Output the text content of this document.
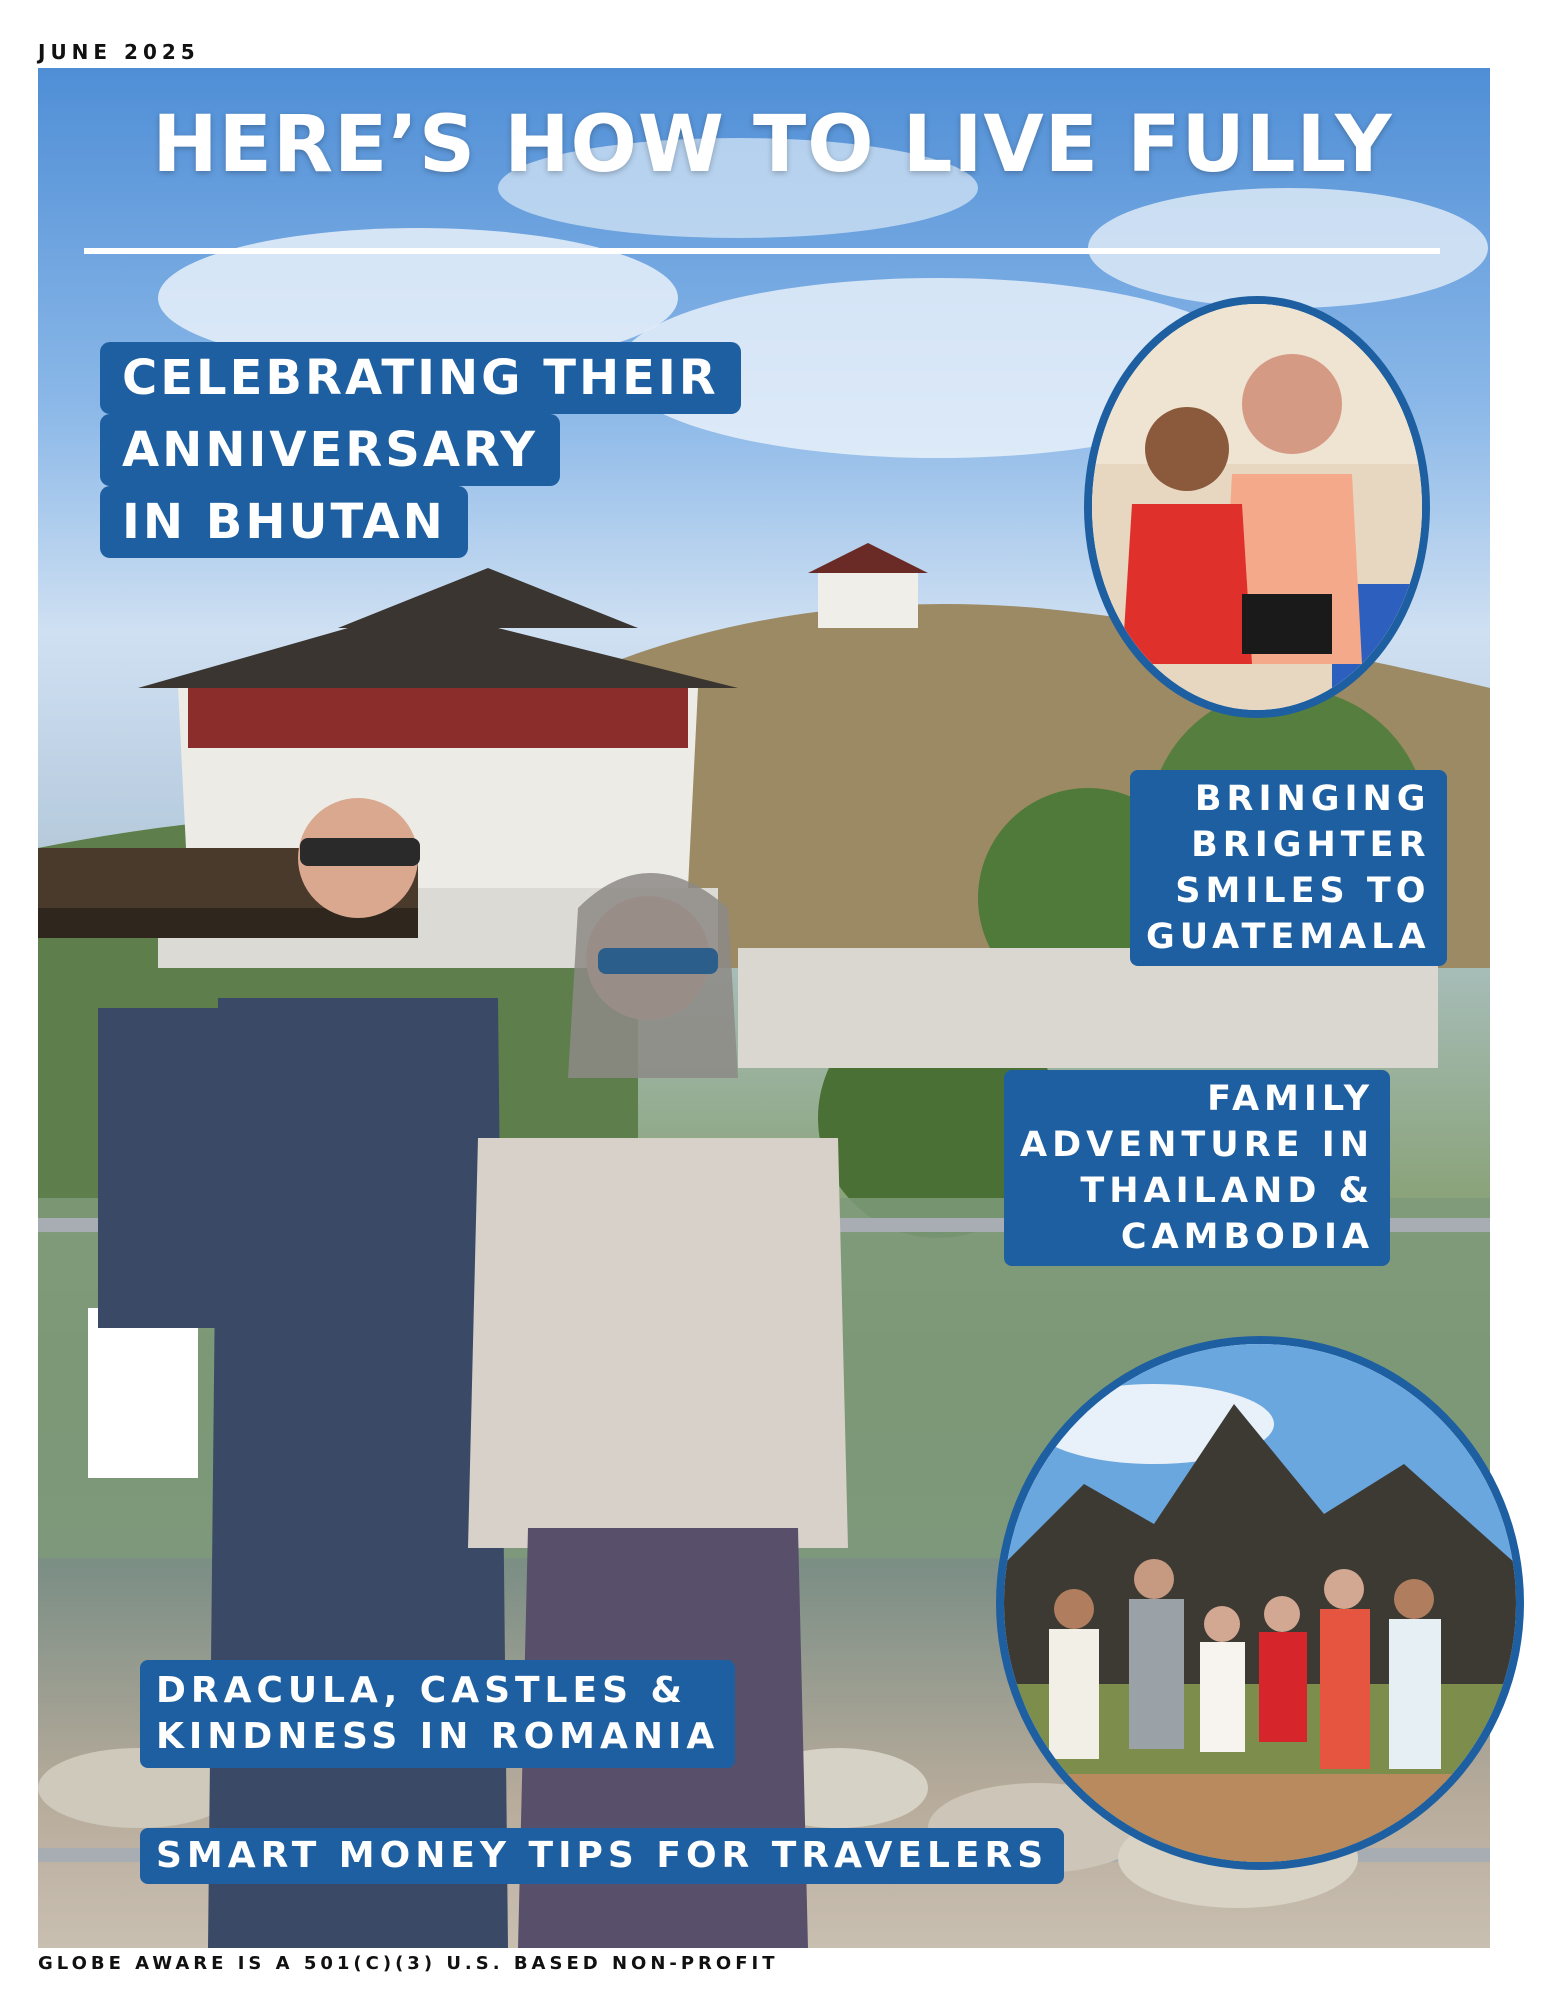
JUNE 2025
HERE’S HOW TO LIVE FULLY
CELEBRATING THEIR
ANNIVERSARY
IN BHUTAN
BRINGING
BRIGHTER
SMILES TO
GUATEMALA
FAMILY
ADVENTURE IN
THAILAND &
CAMBODIA
DRACULA, CASTLES &
KINDNESS IN ROMANIA
SMART MONEY TIPS FOR TRAVELERS
GLOBE AWARE IS A 501(C)(3) U.S. BASED NON-PROFIT
